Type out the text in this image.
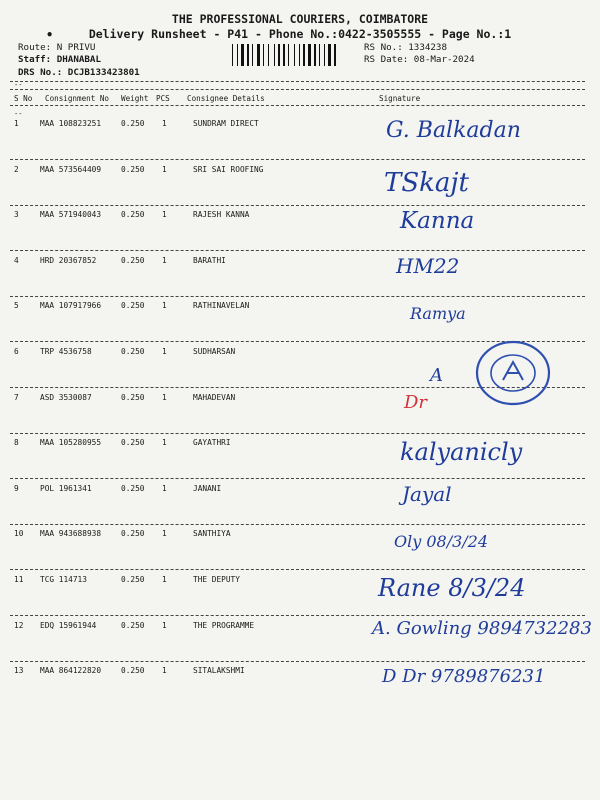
THE PROFESSIONAL COURIERS, COIMBATORE
•	Delivery Runsheet - P41 - Phone No.:0422-3505555 - Page No.:1
Route: N PRIVU
Staff: DHANABAL
DRS No.: DCJB133423801
RS No.: 1334238
RS Date: 08-Mar-2024
--
S No Consignment No Weight PCS Consignee Details	Signature
--
1	MAA 108823251	0.250 1	SUNDRAM DIRECT	G. Balkadan
2	MAA 573564409	0.250 1	SRI SAI ROOFING	TSkajt
3	MAA 571940043	0.250 1	RAJESH KANNA	Kanna
4	HRD 20367852	0.250 1	BARATHI	HM22
5	MAA 107917966	0.250 1	RATHINAVELAN	Ramya
6	TRP 4536758	0.250 1	SUDHARSAN
A
7	ASD 3530087	0.250 1	MAHADEVAN	Dr
8	MAA 105280955	0.250 1	GAYATHRI	kalyanicly
9	POL 1961341	0.250 1	JANANI	Jayal
10 MAA 943688938	0.250 1	SANTHIYA	Oly 08/3/24
11 TCG 114713	0.250 1	THE DEPUTY	Rane 8/3/24
12 EDQ 15961944	0.250 1	THE PROGRAMME	A. Gowling 9894732283
13 MAA 864122820	0.250 1	SITALAKSHMI	D Dr 9789876231
